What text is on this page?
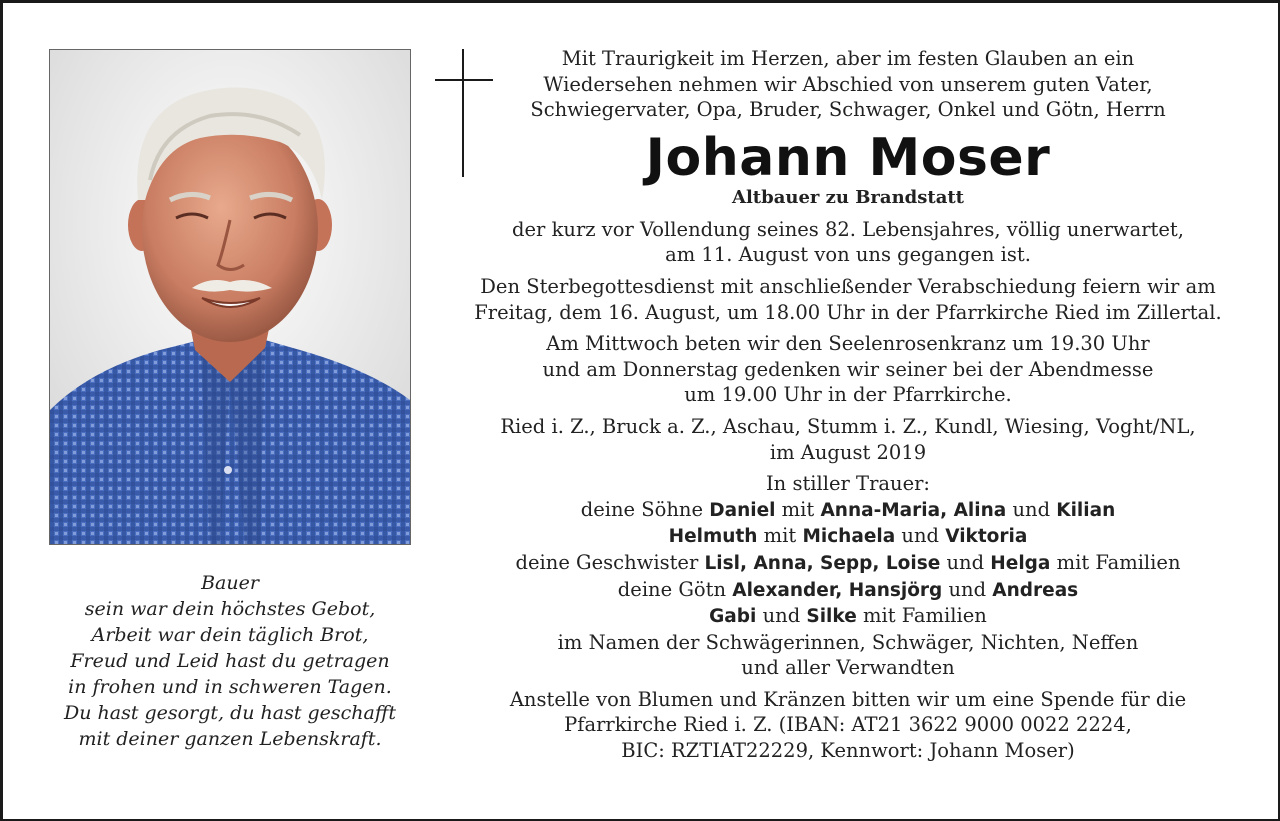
Bauer
sein war dein höchstes Gebot,
Arbeit war dein täglich Brot,
Freud und Leid hast du getragen
in frohen und in schweren Tagen.
Du hast gesorgt, du hast geschafft
mit deiner ganzen Lebenskraft.
Mit Traurigkeit im Herzen, aber im festen Glauben an ein
Wiedersehen nehmen wir Abschied von unserem guten Vater,
Schwiegervater, Opa, Bruder, Schwager, Onkel und Götn, Herrn
Johann Moser
Altbauer zu Brandstatt
der kurz vor Vollendung seines 82. Lebensjahres, völlig unerwartet,
am 11. August von uns gegangen ist.
Den Sterbegottesdienst mit anschließender Verabschiedung feiern wir am
Freitag, dem 16. August, um 18.00 Uhr in der Pfarrkirche Ried im Zillertal.
Am Mittwoch beten wir den Seelenrosenkranz um 19.30 Uhr
und am Donnerstag gedenken wir seiner bei der Abendmesse
um 19.00 Uhr in der Pfarrkirche.
Ried i. Z., Bruck a. Z., Aschau, Stumm i. Z., Kundl, Wiesing, Voght/NL,
im August 2019
In stiller Trauer:
deine Söhne Daniel mit Anna-Maria, Alina und Kilian
Helmuth mit Michaela und Viktoria
deine Geschwister Lisl, Anna, Sepp, Loise und Helga mit Familien
deine Götn Alexander, Hansjörg und Andreas
Gabi und Silke mit Familien
im Namen der Schwägerinnen, Schwäger, Nichten, Neffen
und aller Verwandten
Anstelle von Blumen und Kränzen bitten wir um eine Spende für die
Pfarrkirche Ried i. Z. (IBAN: AT21 3622 9000 0022 2224,
BIC: RZTIAT22229, Kennwort: Johann Moser)
